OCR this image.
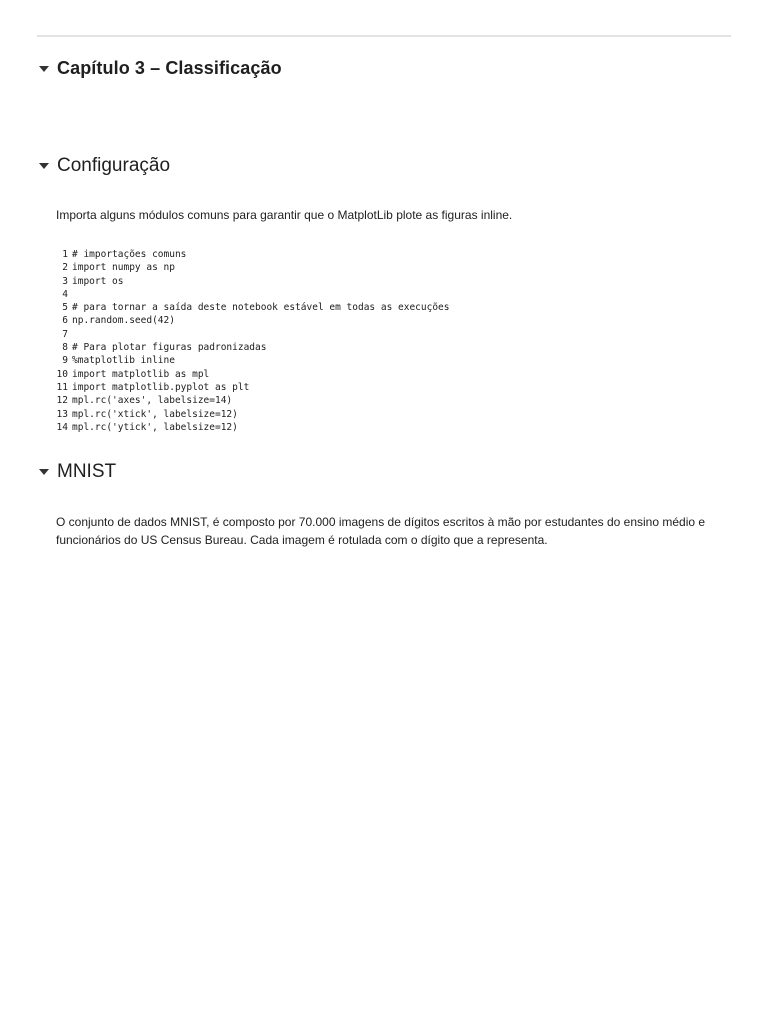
Capítulo 3 – Classificação
Configuração
Importa alguns módulos comuns para garantir que o MatplotLib plote as figuras inline.
1 # importações comuns
2 import numpy as np
3 import os
4
5 # para tornar a saída deste notebook estável em todas as execuções
6 np.random.seed(42)
7
8 # Para plotar figuras padronizadas
9 %matplotlib inline
10 import matplotlib as mpl
11 import matplotlib.pyplot as plt
12 mpl.rc('axes', labelsize=14)
13 mpl.rc('xtick', labelsize=12)
14 mpl.rc('ytick', labelsize=12)
MNIST
O conjunto de dados MNIST, é composto por 70.000 imagens de dígitos escritos à mão por estudantes do ensino médio e funcionários do US Census Bureau. Cada imagem é rotulada com o dígito que a representa.
